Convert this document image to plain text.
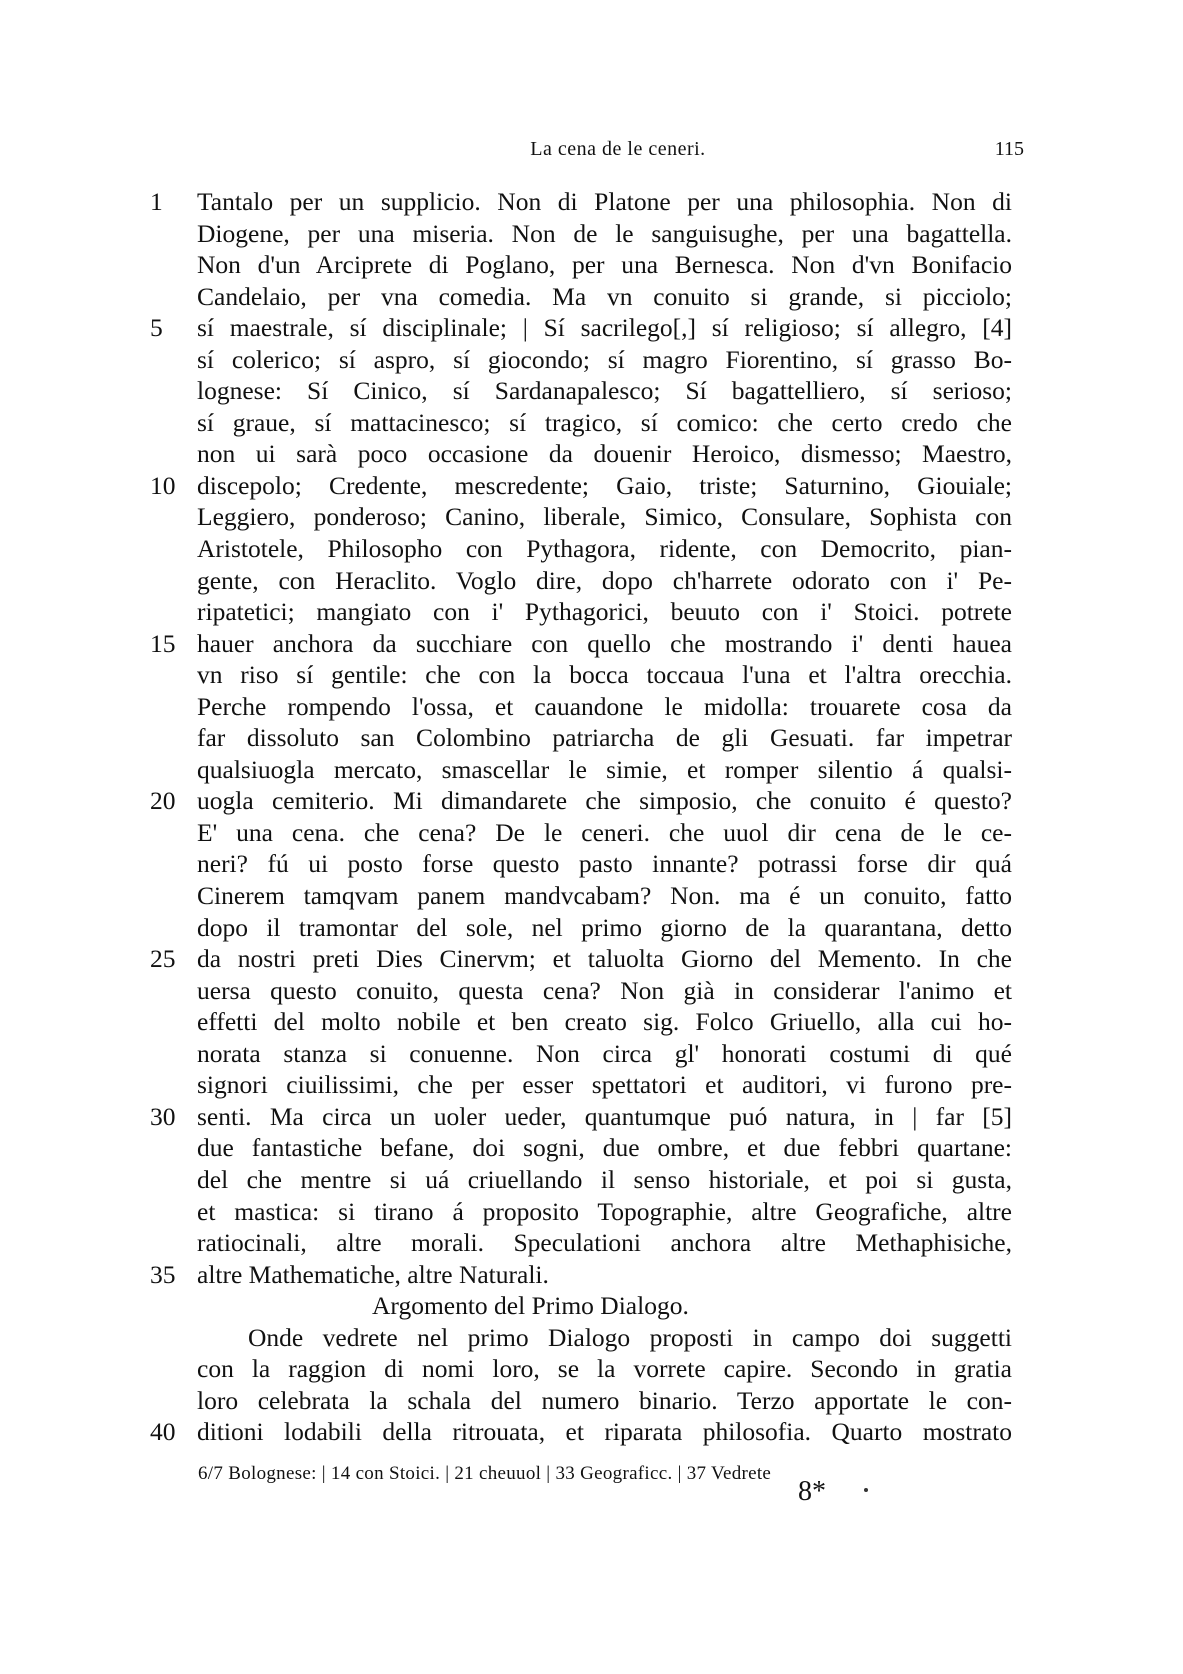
La cena de le ceneri.	115
1	Tantalo per un supplicio. Non di Platone per una philosophia. Non di
Diogene, per una miseria. Non de le sanguisughe, per una bagattella.
Non d'un Arciprete di Poglano, per una Bernesca. Non d'vn Bonifacio
Candelaio, per vna comedia. Ma vn conuito si grande, si picciolo;
5	sí maestrale, sí disciplinale; | Sí sacrilego[,] sí religioso; sí allegro, [4]
sí colerico; sí aspro, sí giocondo; sí magro Fiorentino, sí grasso Bo-
lognese: Sí Cinico, sí Sardanapalesco; Sí bagattelliero, sí serioso;
sí graue, sí mattacinesco; sí tragico, sí comico: che certo credo che
non ui sarà poco occasione da douenir Heroico, dismesso; Maestro,
10 discepolo; Credente, mescredente; Gaio, triste; Saturnino, Giouiale;
Leggiero, ponderoso; Canino, liberale, Simico, Consulare, Sophista con
Aristotele, Philosopho con Pythagora, ridente, con Democrito, pian-
gente, con Heraclito. Voglo dire, dopo ch'harrete odorato con i' Pe-
ripatetici; mangiato con i' Pythagorici, beuuto con i' Stoici. potrete
15 hauer anchora da succhiare con quello che mostrando i' denti hauea
vn riso sí gentile: che con la bocca toccaua l'una et l'altra orecchia.
Perche rompendo l'ossa, et cauandone le midolla: trouarete cosa da
far dissoluto san Colombino patriarcha de gli Gesuati. far impetrar
qualsiuogla mercato, smascellar le simie, et romper silentio á qualsi-
20 uogla cemiterio. Mi dimandarete che simposio, che conuito é questo?
E' una cena. che cena? De le ceneri. che uuol dir cena de le ce-
neri? fú ui posto forse questo pasto innante? potrassi forse dir quá
Cinerem tamqvam panem mandvcabam? Non. ma é un conuito, fatto
dopo il tramontar del sole, nel primo giorno de la quarantana, detto
25 da nostri preti Dies Cinervm; et taluolta Giorno del Memento. In che
uersa questo conuito, questa cena? Non già in considerar l'animo et
effetti del molto nobile et ben creato sig. Folco Griuello, alla cui ho-
norata stanza si conuenne. Non circa gl' honorati costumi di qué
signori ciuilissimi, che per esser spettatori et auditori, vi furono pre-
30 senti. Ma circa un uoler ueder, quantumque puó natura, in | far [5]
due fantastiche befane, doi sogni, due ombre, et due febbri quartane:
del che mentre si uá criuellando il senso historiale, et poi si gusta,
et mastica: si tirano á proposito Topographie, altre Geografiche, altre
ratiocinali, altre morali. Speculationi anchora altre Methaphisiche,
35 altre Mathematiche, altre Naturali.
Argomento del Primo Dialogo.
Onde vedrete nel primo Dialogo proposti in campo doi suggetti
con la raggion di nomi loro, se la vorrete capire. Secondo in gratia
loro celebrata la schala del numero binario. Terzo apportate le con-
40 ditioni lodabili della ritrouata, et riparata philosofia. Quarto mostrato
6/7 Bolognese: | 14 con Stoici. | 21 cheuuol | 33 Geograficc. | 37 Vedrete
8*
